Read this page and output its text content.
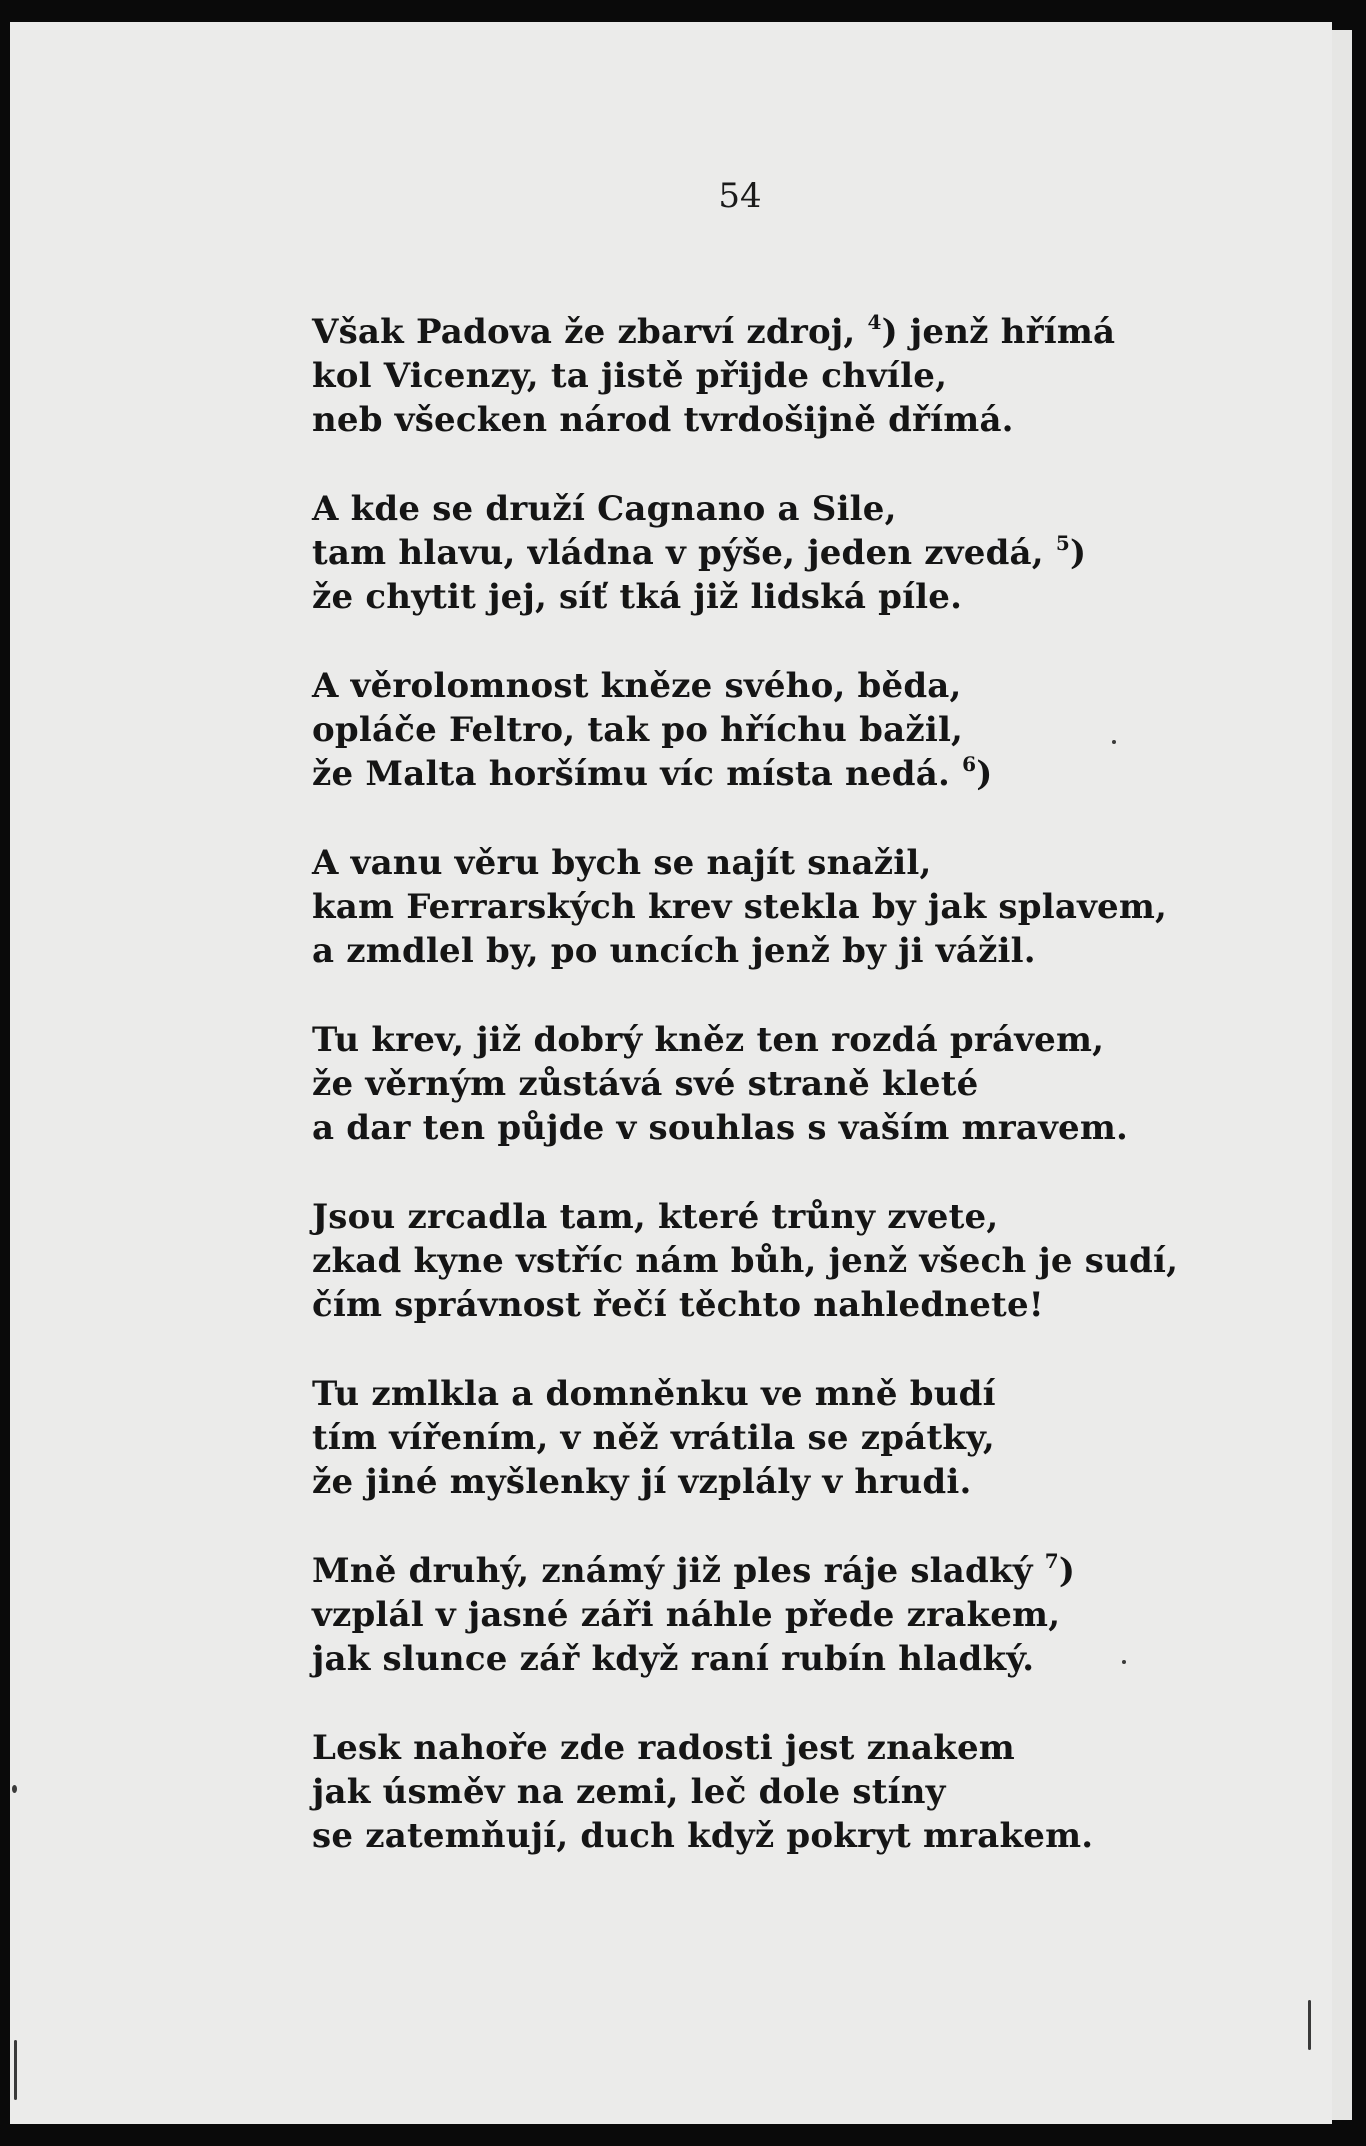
54
Však Padova že zbarví zdroj, $^4$) jenž hřímá
kol Vicenzy, ta jistě přijde chvíle,
neb všecken národ tvrdošijně dřímá.
A kde se druží Cagnano a Sile,
tam hlavu, vládna v pýše, jeden zvedá, $^5$)
že chytit jej, síť tká již lidská píle.
A věrolomnost kněze svého, běda,
opláče Feltro, tak po hříchu bažil,
že Malta horšímu víc místa nedá. $^6$)
A vanu věru bych se najít snažil,
kam Ferrarských krev stekla by jak splavem,
a zmdlel by, po uncích jenž by ji vážil.
Tu krev, již dobrý kněz ten rozdá právem,
že věrným zůstává své straně kleté
a dar ten půjde v souhlas s vaším mravem.
Jsou zrcadla tam, které trůny zvete,
zkad kyne vstříc nám bůh, jenž všech je sudí,
čím správnost řečí těchto nahlednete!
Tu zmlkla a domněnku ve mně budí
tím vířením, v něž vrátila se zpátky,
že jiné myšlenky jí vzplály v hrudi.
Mně druhý, známý již ples ráje sladký $^7$)
vzplál v jasné záři náhle přede zrakem,
jak slunce zář když raní rubín hladký.
Lesk nahoře zde radosti jest znakem
jak úsměv na zemi, leč dole stíny
se zatemňují, duch když pokryt mrakem.
